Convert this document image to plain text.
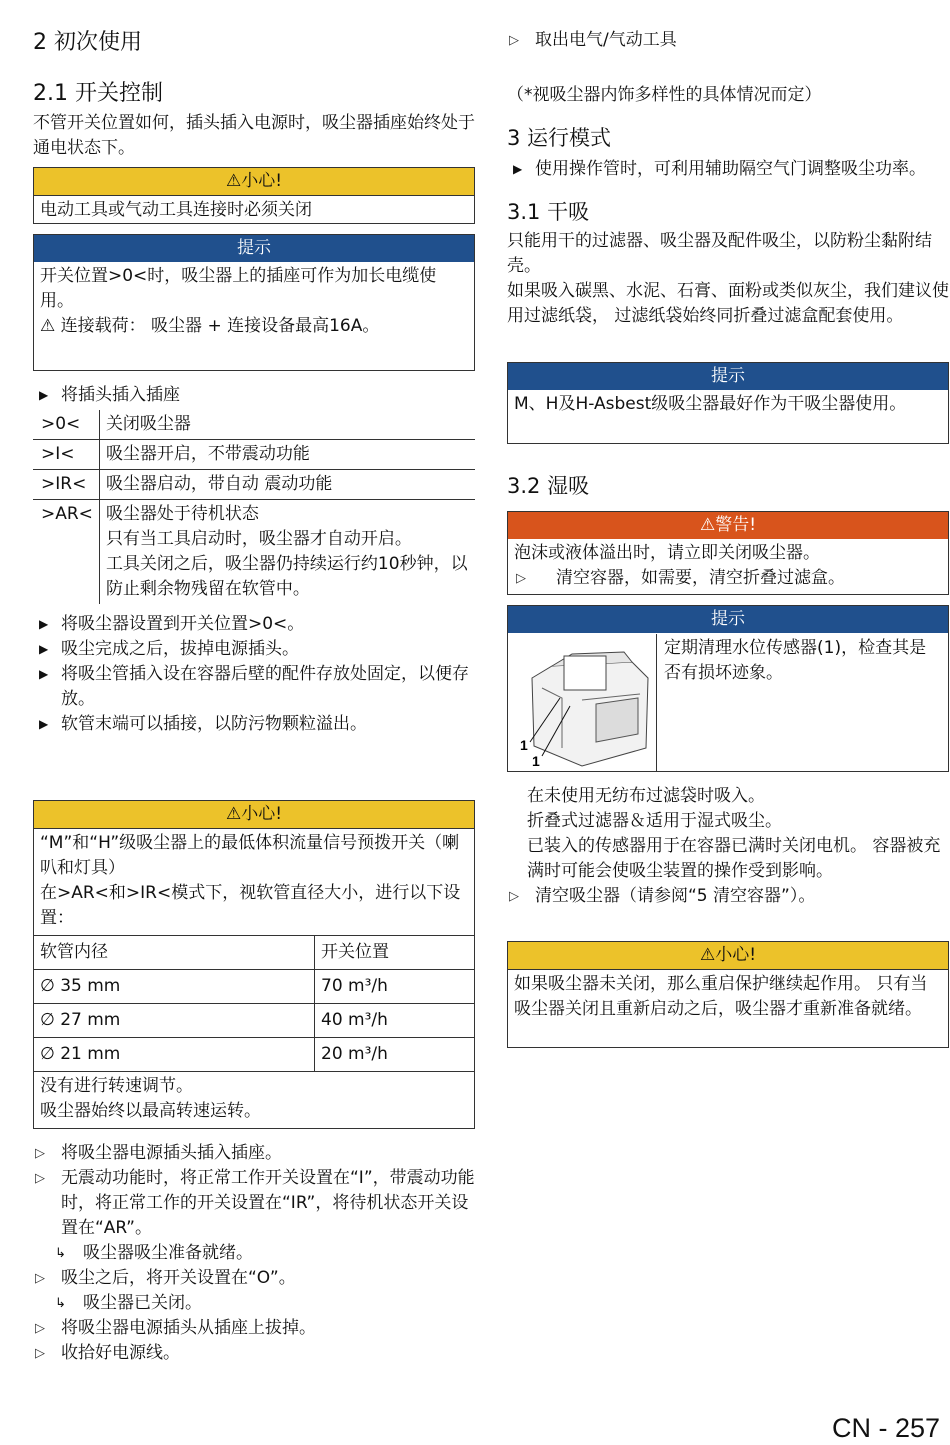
2 初次使用
2.1 开关控制

不管开关位置如何，插头插入电源时，吸尘器插座始终处于通电状态下。

⚠小心!
电动工具或气动工具连接时必须关闭
提示

开关位置>0<时，吸尘器上的插座可作为加长电缆使用。

⚠ 连接载荷： 吸尘器 + 连接设备最高16A。

▶ 将插头插入插座
>0<	关闭吸尘器
>I<	吸尘器开启，不带震动功能
>IR<	吸尘器启动，带自动 震动功能
>AR<	吸尘器处于待机状态
只有当工具启动时，吸尘器才自动开启。
工具关闭之后，吸尘器仍持续运行约10秒钟，以防止剩余物残留在软管中。
▶ 将吸尘器设置到开关位置>0<。
▶ 吸尘完成之后，拔掉电源插头。
▶ 将吸尘管插入设在容器后壁的配件存放处固定，以便存放。
▶ 软管末端可以插接，以防污物颗粒溢出。
⚠小心!

“M”和“H”级吸尘器上的最低体积流量信号预拨开关（喇叭和灯具）

在>AR<和>IR<模式下，视软管直径大小，进行以下设置：

软管内径	开关位置
∅ 35 mm	70 m³/h
∅ 27 mm	40 m³/h
∅ 21 mm	20 m³/h

没有进行转速调节。

吸尘器始终以最高转速运转。

▷ 将吸尘器电源插头插入插座。
▷ 无震动功能时，将正常工作开关设置在“I”，带震动功能时，将正常工作的开关设置在“IR”，将待机状态开关设置在“AR”。
↳ 吸尘器吸尘准备就绪。
▷ 吸尘之后，将开关设置在“O”。
↳ 吸尘器已关闭。
▷ 将吸尘器电源插头从插座上拔掉。
▷ 收拾好电源线。
▷ 取出电气/气动工具

（*视吸尘器内饰多样性的具体情况而定）

3 运行模式
▶ 使用操作管时，可利用辅助隔空气门调整吸尘功率。
3.1 干吸

只能用干的过滤器、吸尘器及配件吸尘，以防粉尘黏附结壳。

如果吸入碳黑、水泥、石膏、面粉或类似灰尘，我们建议使用过滤纸袋， 过滤纸袋始终同折叠过滤盒配套使用。

提示
M、H及H-Asbest级吸尘器最好作为干吸尘器使用。
3.2 湿吸
⚠警告!

泡沫或液体溢出时，请立即关闭吸尘器。

▷ 清空容器，如需要，清空折叠过滤盒。
提示
1
1
定期清理水位传感器(1)，检查其是否有损坏迹象。

在未使用无纺布过滤袋时吸入。

折叠式过滤器＆适用于湿式吸尘。

已装入的传感器用于在容器已满时关闭电机。 容器被充满时可能会使吸尘装置的操作受到影响。

▷ 清空吸尘器（请参阅“5 清空容器”）。
⚠小心!
如果吸尘器未关闭，那么重启保护继续起作用。 只有当吸尘器关闭且重新启动之后，吸尘器才重新准备就绪。
CN - 257
